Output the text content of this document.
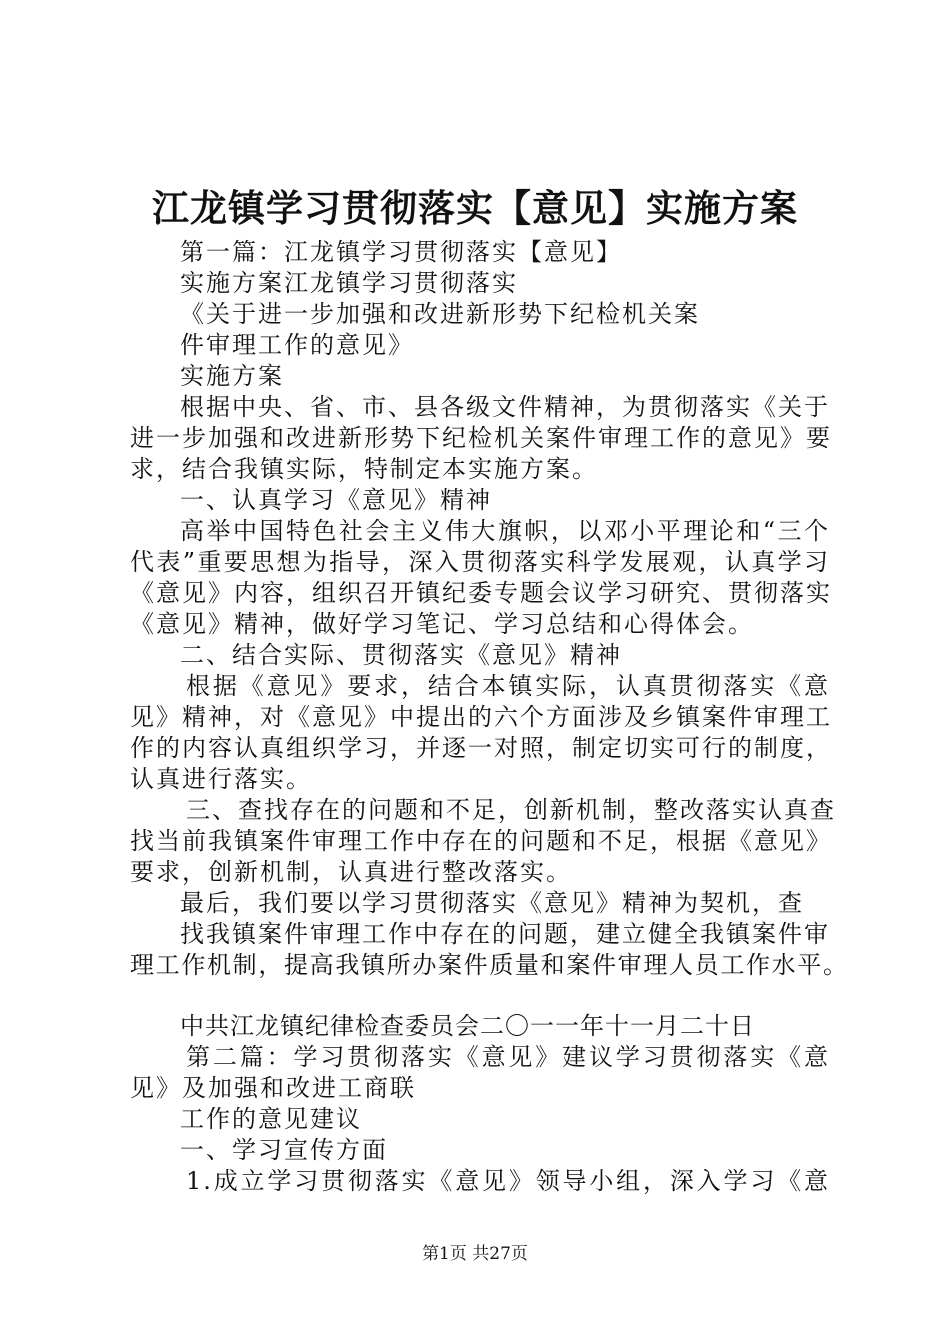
江龙镇学习贯彻落实【意见】实施方案
第一篇：江龙镇学习贯彻落实【意见】
实施方案江龙镇学习贯彻落实
《关于进一步加强和改进新形势下纪检机关案
件审理工作的意见》
实施方案
根据中央、省、市、县各级文件精神，为贯彻落实《关于
进一步加强和改进新形势下纪检机关案件审理工作的意见》要
求，结合我镇实际，特制定本实施方案。
一、认真学习《意见》精神
高举中国特色社会主义伟大旗帜，以邓小平理论和“三个
代表”重要思想为指导，深入贯彻落实科学发展观，认真学习
《意见》内容，组织召开镇纪委专题会议学习研究、贯彻落实
《意见》精神，做好学习笔记、学习总结和心得体会。
二、结合实际、贯彻落实《意见》精神
根据《意见》要求，结合本镇实际，认真贯彻落实《意
见》精神，对《意见》中提出的六个方面涉及乡镇案件审理工
作的内容认真组织学习，并逐一对照，制定切实可行的制度，
认真进行落实。
三、查找存在的问题和不足，创新机制，整改落实认真查
找当前我镇案件审理工作中存在的问题和不足，根据《意见》
要求，创新机制，认真进行整改落实。
最后，我们要以学习贯彻落实《意见》精神为契机，查
找我镇案件审理工作中存在的问题，建立健全我镇案件审
理工作机制，提高我镇所办案件质量和案件审理人员工作水平。
中共江龙镇纪律检查委员会二〇一一年十一月二十日
第二篇：学习贯彻落实《意见》建议学习贯彻落实《意
见》及加强和改进工商联
工作的意见建议
一、学习宣传方面
1.成立学习贯彻落实《意见》领导小组，深入学习《意
第1页 共27页
